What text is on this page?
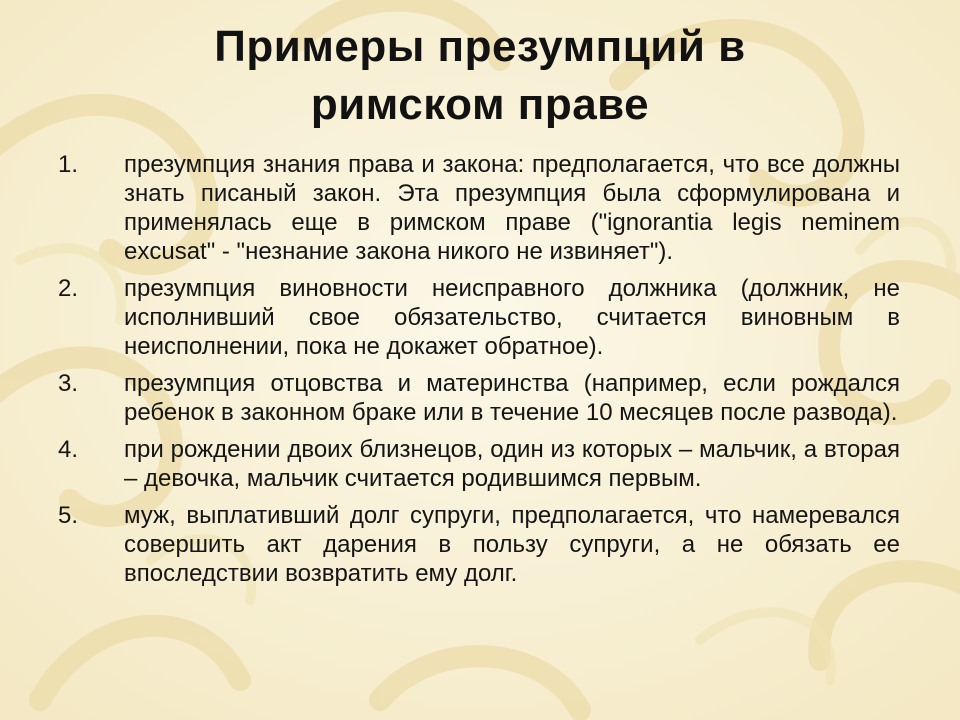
Примеры презумпций в
римском праве
1.	презумпция знания права и закона: предполагается, что все должны знать писаный закон. Эта презумпция была сформулирована и применялась еще в римском праве ("ignorantia legis neminem excusat" - "незнание закона никого не извиняет").
2.	презумпция виновности неисправного должника (должник, не исполнивший свое обязательство, считается виновным в неисполнении, пока не докажет обратное).
3.	презумпция отцовства и материнства (например, если рождался ребенок в законном браке или в течение 10 месяцев после развода).
4.	при рождении двоих близнецов, один из которых – мальчик, а вторая – девочка, мальчик считается родившимся первым.
5.	муж, выплативший долг супруги, предполагается, что намеревался совершить акт дарения в пользу супруги, а не обязать ее впоследствии возвратить ему долг.
